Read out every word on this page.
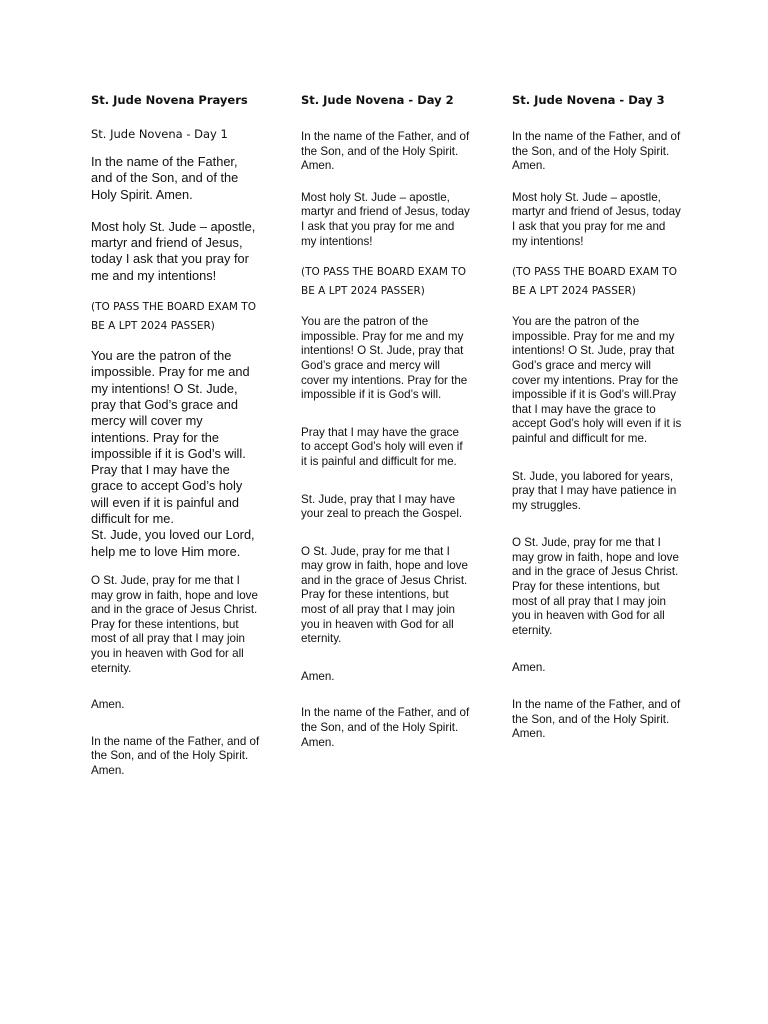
St. Jude Novena Prayers

St. Jude Novena - Day 1

In the name of the Father, and of the Son, and of the Holy Spirit. Amen.

Most holy St. Jude – apostle, martyr and friend of Jesus, today I ask that you pray for me and my intentions!

(TO PASS THE BOARD EXAM TO BE A LPT 2024 PASSER)

You are the patron of the impossible. Pray for me and my intentions! O St. Jude, pray that God’s grace and mercy will cover my intentions. Pray for the impossible if it is God’s will.

Pray that I may have the grace to accept God’s holy will even if it is painful and difficult for me.

St. Jude, you loved our Lord, help me to love Him more.

O St. Jude, pray for me that I may grow in faith, hope and love and in the grace of Jesus Christ. Pray for these intentions, but most of all pray that I may join you in heaven with God for all eternity.

Amen.

In the name of the Father, and of the Son, and of the Holy Spirit. Amen.

St. Jude Novena - Day 2

In the name of the Father, and of the Son, and of the Holy Spirit. Amen.

Most holy St. Jude – apostle, martyr and friend of Jesus, today I ask that you pray for me and my intentions!

(TO PASS THE BOARD EXAM TO BE A LPT 2024 PASSER)

You are the patron of the impossible. Pray for me and my intentions! O St. Jude, pray that God’s grace and mercy will cover my intentions. Pray for the impossible if it is God’s will.

Pray that I may have the grace to accept God’s holy will even if it is painful and difficult for me.

St. Jude, pray that I may have your zeal to preach the Gospel.

O St. Jude, pray for me that I may grow in faith, hope and love and in the grace of Jesus Christ. Pray for these intentions, but most of all pray that I may join you in heaven with God for all eternity.

Amen.

In the name of the Father, and of the Son, and of the Holy Spirit. Amen.

St. Jude Novena - Day 3

In the name of the Father, and of the Son, and of the Holy Spirit. Amen.

Most holy St. Jude – apostle, martyr and friend of Jesus, today I ask that you pray for me and my intentions!

(TO PASS THE BOARD EXAM TO BE A LPT 2024 PASSER)

You are the patron of the impossible. Pray for me and my intentions! O St. Jude, pray that God’s grace and mercy will cover my intentions. Pray for the impossible if it is God’s will.Pray that I may have the grace to accept God’s holy will even if it is painful and difficult for me.

St. Jude, you labored for years, pray that I may have patience in my struggles.

O St. Jude, pray for me that I may grow in faith, hope and love and in the grace of Jesus Christ. Pray for these intentions, but most of all pray that I may join you in heaven with God for all eternity.

Amen.

In the name of the Father, and of the Son, and of the Holy Spirit. Amen.
